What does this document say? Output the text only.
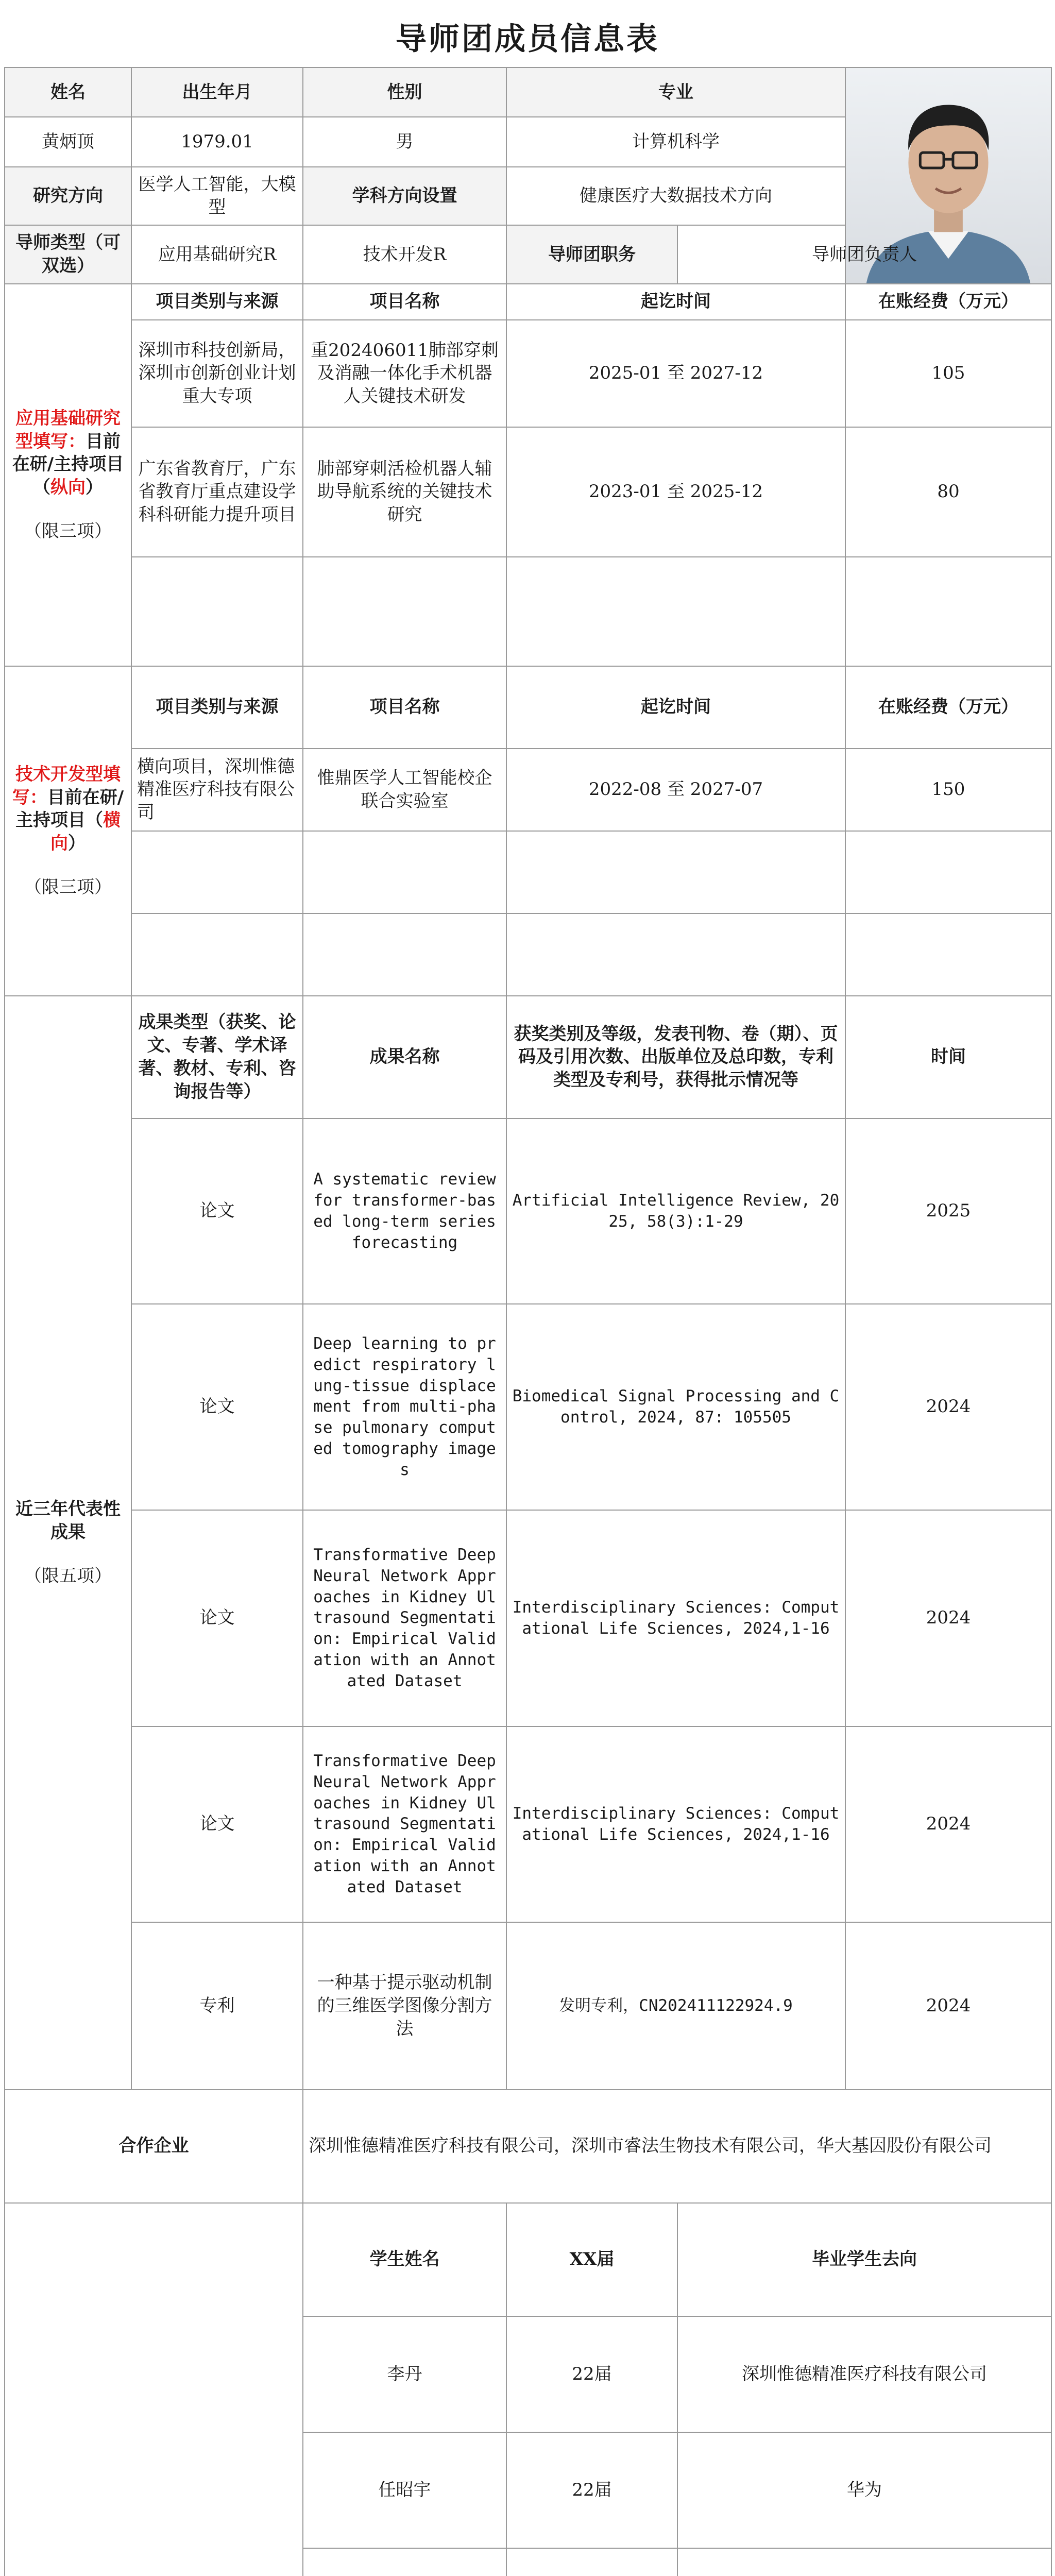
导师团成员信息表
姓名	出生年月	性别	专业	

黄炳顶	1979.01	男	计算机科学		
研究方向	医学人工智能，大模型	学科方向设置	健康医疗大数据技术方向		
导师类型（可双选）	应用基础研究R	技术开发R	导师团职务	导师团负责人	
应用基础研究型填写：目前在研/主持项目（纵向）
（限三项）	项目类别与来源	项目名称	起讫时间		在账经费（万元）
	深圳市科技创新局，深圳市创新创业计划重大专项	重202406011肺部穿刺及消融一体化手术机器人关键技术研发	2025-01 至 2027-12		105
	广东省教育厅，广东省教育厅重点建设学科科研能力提升项目	肺部穿刺活检机器人辅助导航系统的关键技术研究	2023-01 至 2025-12		80

技术开发型填写：目前在研/主持项目（横向）
（限三项）	项目类别与来源	项目名称	起讫时间		在账经费（万元）
	横向项目，深圳惟德精准医疗科技有限公司	惟鼎医学人工智能校企联合实验室	2022-08 至 2027-07		150

近三年代表性成果
（限五项）	成果类型（获奖、论文、专著、学术译著、教材、专利、咨询报告等）	成果名称	获奖类别及等级，发表刊物、卷（期）、页码及引用次数、出版单位及总印数，专利类型及专利号，获得批示情况等		时间
	论文	A systematic review for transformer-based long-term series forecasting	Artificial Intelligence Review, 2025, 58(3):1-29		2025
	论文	Deep learning to predict respiratory lung-tissue displacement from multi-phase pulmonary computed tomography images	Biomedical Signal Processing and Control, 2024, 87: 105505		2024
	论文	Transformative Deep Neural Network Approaches in Kidney Ultrasound Segmentation: Empirical Validation with an Annotated Dataset	Interdisciplinary Sciences: Computational Life Sciences, 2024,1-16		2024
	论文	Transformative Deep Neural Network Approaches in Kidney Ultrasound Segmentation: Empirical Validation with an Annotated Dataset	Interdisciplinary Sciences: Computational Life Sciences, 2024,1-16		2024
	专利	一种基于提示驱动机制的三维医学图像分割方法	发明专利，CN202411122924.9		2024
合作企业		深圳惟德精准医疗科技有限公司，深圳市睿法生物技术有限公司，华大基因股份有限公司			
	学生姓名	XX届	毕业学生去向	
		李丹	22届	深圳惟德精准医疗科技有限公司	
		任昭宇	22届	华为	
